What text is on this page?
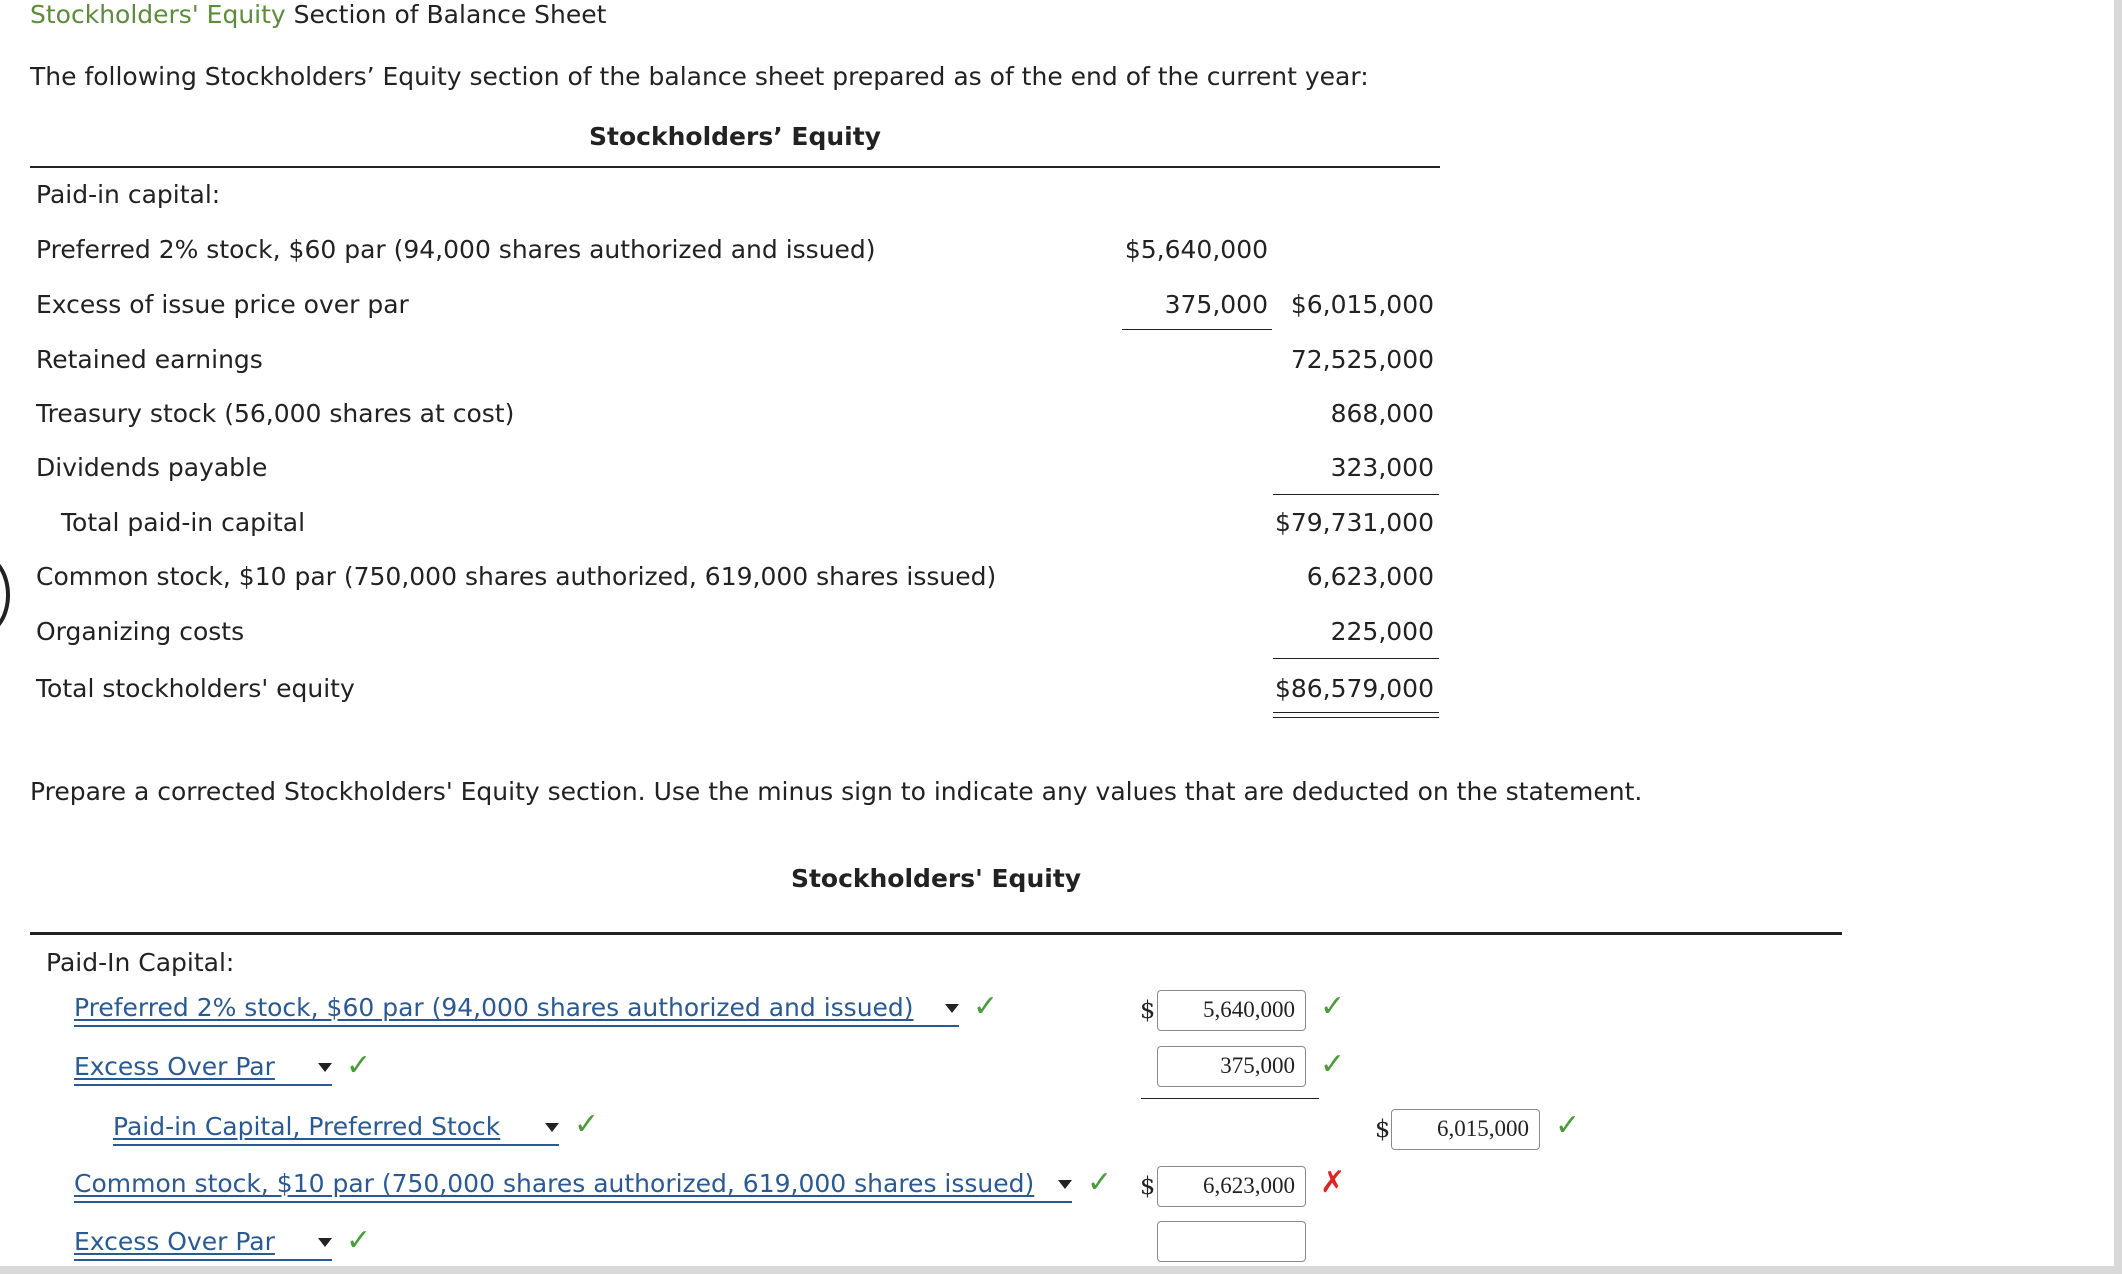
Stockholders' Equity Section of Balance Sheet
The following Stockholders’ Equity section of the balance sheet prepared as of the end of the current year:
Stockholders’ Equity
Paid-in capital:
Preferred 2% stock, $60 par (94,000 shares authorized and issued)	$5,640,000
Excess of issue price over par	375,000 $6,015,000
Retained earnings	72,525,000
Treasury stock (56,000 shares at cost)	868,000
Dividends payable	323,000
Total paid-in capital	$79,731,000
Common stock, $10 par (750,000 shares authorized, 619,000 shares issued)	6,623,000
Organizing costs	225,000
Total stockholders' equity	$86,579,000
Prepare a corrected Stockholders' Equity section. Use the minus sign to indicate any values that are deducted on the statement.
Stockholders' Equity
Paid-In Capital:
Preferred 2% stock, $60 par (94,000 shares authorized and issued) ✓	$	5,640,000 ✓
Excess Over Par ✓	375,000 ✓
Paid-in Capital, Preferred Stock ✓	$	6,015,000 ✓
Common stock, $10 par (750,000 shares authorized, 619,000 shares issued) ✓ $	6,623,000 ✗
Excess Over Par ✓
